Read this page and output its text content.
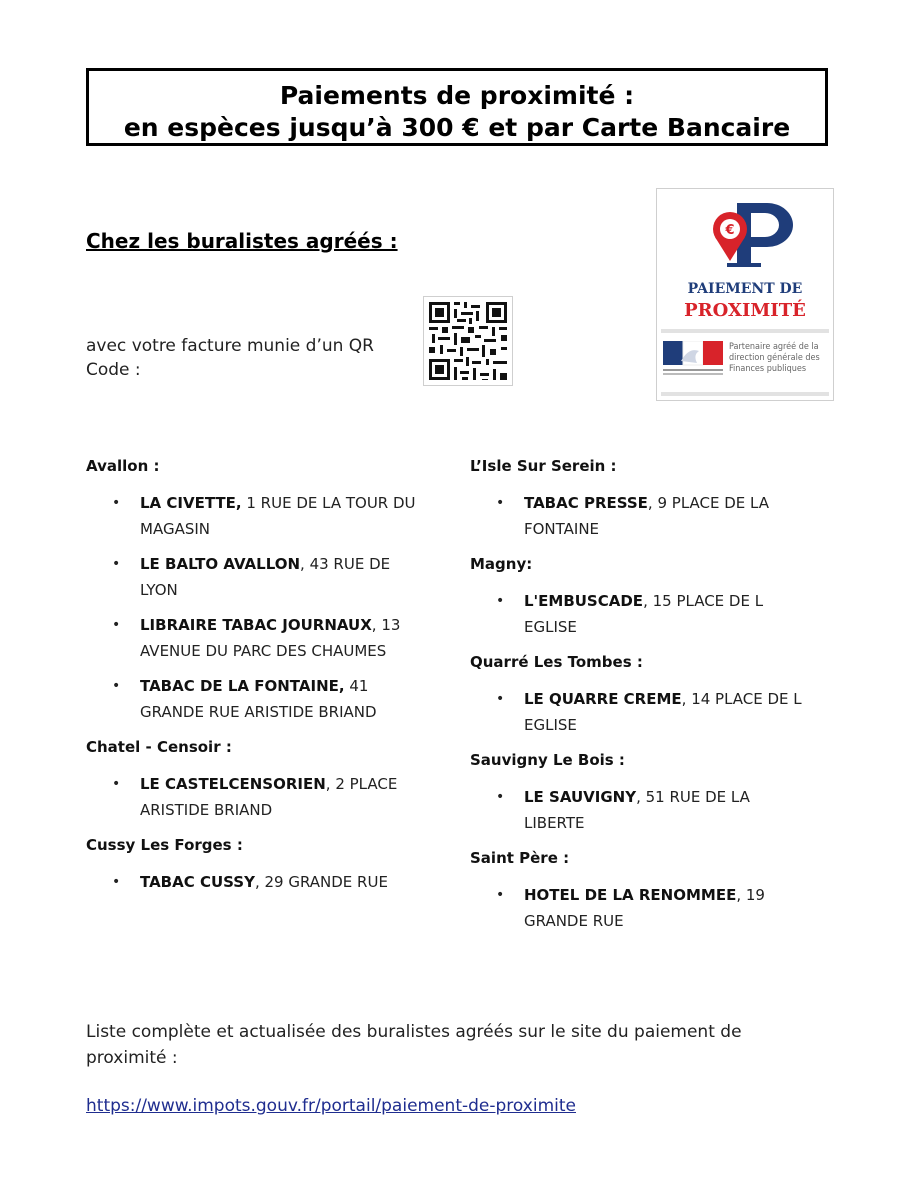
Paiements de proximité :
en espèces jusqu’à 300 € et par Carte Bancaire
Chez les buralistes agréés :
avec votre facture munie d’un QR Code :
€
PAIEMENT DE
PROXIMITÉ
Partenaire agréé de la direction générale des Finances publiques
Avallon :
• LA CIVETTE, 1 RUE DE LA TOUR DU MAGASIN
• LE BALTO AVALLON, 43 RUE DE LYON
• LIBRAIRE TABAC JOURNAUX, 13 AVENUE DU PARC DES CHAUMES
• TABAC DE LA FONTAINE, 41 GRANDE RUE ARISTIDE BRIAND
Chatel - Censoir :
• LE CASTELCENSORIEN, 2 PLACE ARISTIDE BRIAND
Cussy Les Forges :
• TABAC CUSSY, 29 GRANDE RUE
L’Isle Sur Serein :
• TABAC PRESSE, 9 PLACE DE LA FONTAINE
Magny:
• L'EMBUSCADE, 15 PLACE DE L EGLISE
Quarré Les Tombes :
• LE QUARRE CREME, 14 PLACE DE L EGLISE
Sauvigny Le Bois :
• LE SAUVIGNY, 51 RUE DE LA LIBERTE
Saint Père :
• HOTEL DE LA RENOMMEE, 19 GRANDE RUE
Liste complète et actualisée des buralistes agréés sur le site du paiement de proximité :
https://www.impots.gouv.fr/portail/paiement-de-proximite
